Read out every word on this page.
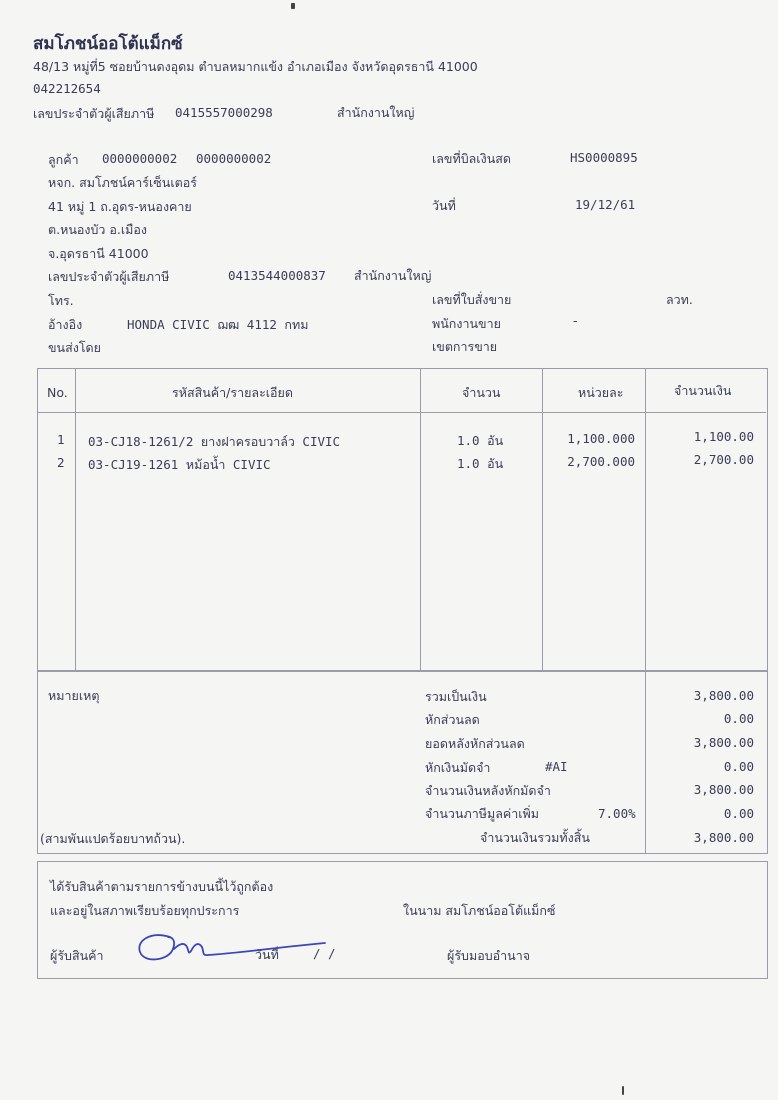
สมโภชน์ออโต้แม็กซ์
48/13 หมู่ที่5 ซอยบ้านดงอุดม ตำบลหมากแข้ง อำเภอเมือง จังหวัดอุดรธานี 41000
042212654
เลขประจำตัวผู้เสียภาษี 0415557000298	สำนักงานใหญ่
ลูกค้า 0000000002 0000000002
หจก. สมโภชน์คาร์เซ็นเตอร์
41 หมู่ 1 ถ.อุดร-หนองคาย
ต.หนองบัว อ.เมือง
จ.อุดรธานี 41000
เลขประจำตัวผู้เสียภาษี	0413544000837 สำนักงานใหญ่
โทร.
อ้างอิง	HONDA CIVIC ฌฒ 4112 กทม
ขนส่งโดย
เลขที่บิลเงินสด	HS0000895
วันที่	19/12/61
เลขที่ใบสั่งขาย	ลวท.
พนักงานขาย	-
เขตการขาย
No.	รหัสสินค้า/รายละเอียด	จำนวน	หน่วยละ	จำนวนเงิน
1 03-CJ18-1261/2 ยางฝาครอบวาล์ว CIVIC	1.0 อัน	1,100.000	1,100.00
2 03-CJ19-1261 หม้อน้ำ CIVIC	1.0 อัน	2,700.000	2,700.00
หมายเหตุ
(สามพันแปดร้อยบาทถ้วน).
รวมเป็นเงิน	3,800.00
หักส่วนลด	0.00
ยอดหลังหักส่วนลด	3,800.00
หักเงินมัดจำ	#AI	0.00
จำนวนเงินหลังหักมัดจำ	3,800.00
จำนวนภาษีมูลค่าเพิ่ม	7.00%	0.00
จำนวนเงินรวมทั้งสิ้น	3,800.00
ได้รับสินค้าตามรายการข้างบนนี้ไว้ถูกต้อง
และอยู่ในสภาพเรียบร้อยทุกประการ	ในนาม สมโภชน์ออโต้แม็กซ์
ผู้รับสินค้า	วันที่	/ /	ผู้รับมอบอำนาจ
